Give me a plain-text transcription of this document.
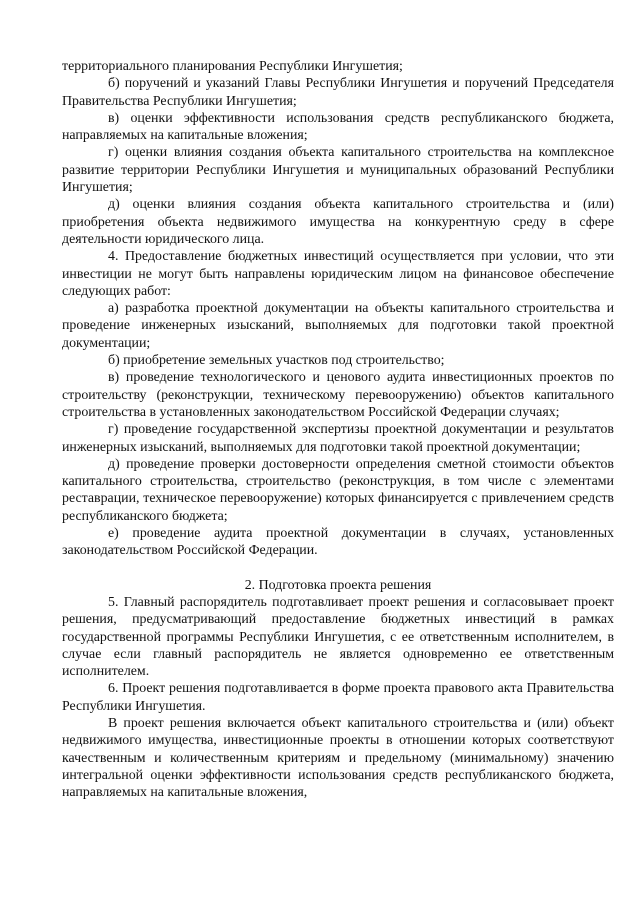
территориального планирования Республики Ингушетия;

б) поручений и указаний Главы Республики Ингушетия и поручений Председателя Правительства Республики Ингушетия;

в) оценки эффективности использования средств республиканского бюджета, направляемых на капитальные вложения;

г) оценки влияния создания объекта капитального строительства на комплексное развитие территории Республики Ингушетия и муниципальных образований Республики Ингушетия;

д) оценки влияния создания объекта капитального строительства и (или) приобретения объекта недвижимого имущества на конкурентную среду в сфере деятельности юридического лица.

4. Предоставление бюджетных инвестиций осуществляется при условии, что эти инвестиции не могут быть направлены юридическим лицом на финансовое обеспечение следующих работ:

а) разработка проектной документации на объекты капитального строительства и проведение инженерных изысканий, выполняемых для подготовки такой проектной документации;

б) приобретение земельных участков под строительство;

в) проведение технологического и ценового аудита инвестиционных проектов по строительству (реконструкции, техническому перевооружению) объектов капитального строительства в установленных законодательством Российской Федерации случаях;

г) проведение государственной экспертизы проектной документации и результатов инженерных изысканий, выполняемых для подготовки такой проектной документации;

д) проведение проверки достоверности определения сметной стоимости объектов капитального строительства, строительство (реконструкция, в том числе с элементами реставрации, техническое перевооружение) которых финансируется с привлечением средств республиканского бюджета;

е) проведение аудита проектной документации в случаях, установленных законодательством Российской Федерации.

2. Подготовка проекта решения

5. Главный распорядитель подготавливает проект решения и согласовывает проект решения, предусматривающий предоставление бюджетных инвестиций в рамках государственной программы Республики Ингушетия, с ее ответственным исполнителем, в случае если главный распорядитель не является одновременно ее ответственным исполнителем.

6. Проект решения подготавливается в форме проекта правового акта Правительства Республики Ингушетия.

В проект решения включается объект капитального строительства и (или) объект недвижимого имущества, инвестиционные проекты в отношении которых соответствуют качественным и количественным критериям и предельному (минимальному) значению интегральной оценки эффективности использования средств республиканского бюджета, направляемых на капитальные вложения,
